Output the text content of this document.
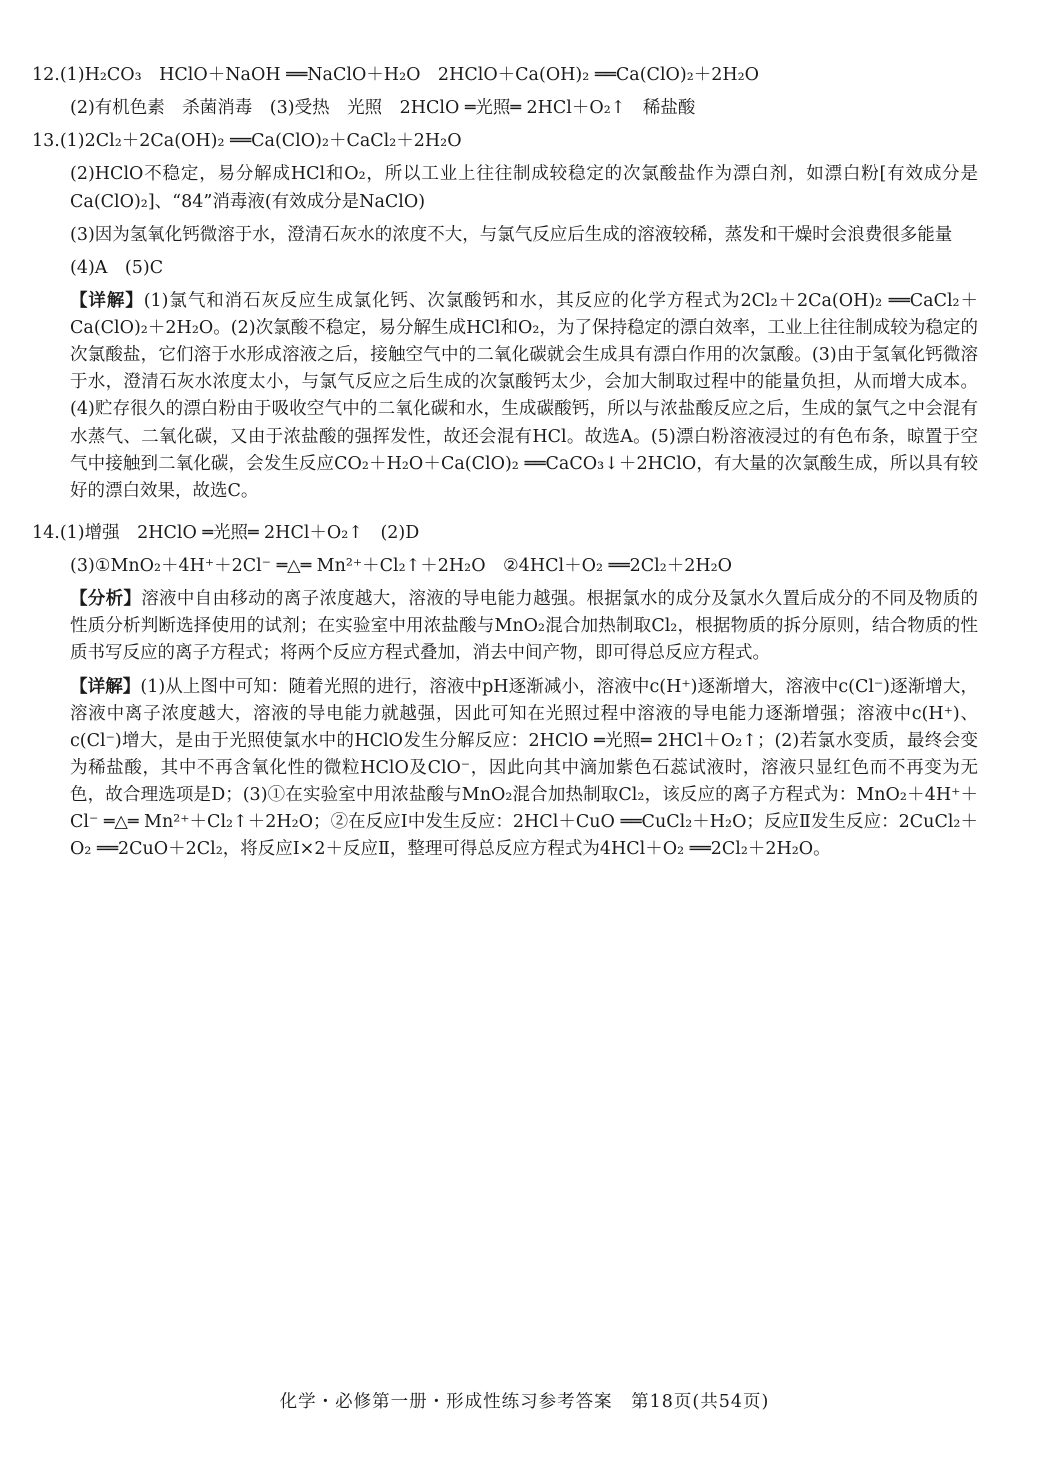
12.(1)H₂CO₃　HClO＋NaOH ══NaClO＋H₂O　2HClO＋Ca(OH)₂ ══Ca(ClO)₂＋2H₂O
(2)有机色素　杀菌消毒　(3)受热　光照　2HClO ═光照═ 2HCl＋O₂↑　稀盐酸
13.(1)2Cl₂＋2Ca(OH)₂ ══Ca(ClO)₂＋CaCl₂＋2H₂O
(2)HClO不稳定，易分解成HCl和O₂，所以工业上往往制成较稳定的次氯酸盐作为漂白剂，如漂白粉[有效成分是Ca(ClO)₂]、“84”消毒液(有效成分是NaClO)
(3)因为氢氧化钙微溶于水，澄清石灰水的浓度不大，与氯气反应后生成的溶液较稀，蒸发和干燥时会浪费很多能量
(4)A　(5)C
【详解】(1)氯气和消石灰反应生成氯化钙、次氯酸钙和水，其反应的化学方程式为2Cl₂＋2Ca(OH)₂ ══CaCl₂＋Ca(ClO)₂＋2H₂O。(2)次氯酸不稳定，易分解生成HCl和O₂，为了保持稳定的漂白效率，工业上往往制成较为稳定的次氯酸盐，它们溶于水形成溶液之后，接触空气中的二氧化碳就会生成具有漂白作用的次氯酸。(3)由于氢氧化钙微溶于水，澄清石灰水浓度太小，与氯气反应之后生成的次氯酸钙太少，会加大制取过程中的能量负担，从而增大成本。(4)贮存很久的漂白粉由于吸收空气中的二氧化碳和水，生成碳酸钙，所以与浓盐酸反应之后，生成的氯气之中会混有水蒸气、二氧化碳，又由于浓盐酸的强挥发性，故还会混有HCl。故选A。(5)漂白粉溶液浸过的有色布条，晾置于空气中接触到二氧化碳，会发生反应CO₂＋H₂O＋Ca(ClO)₂ ══CaCO₃↓＋2HClO，有大量的次氯酸生成，所以具有较好的漂白效果，故选C。
14.(1)增强　2HClO ═光照═ 2HCl＋O₂↑　(2)D
(3)①MnO₂＋4H⁺＋2Cl⁻ ═△═ Mn²⁺＋Cl₂↑＋2H₂O　②4HCl＋O₂ ══2Cl₂＋2H₂O
【分析】溶液中自由移动的离子浓度越大，溶液的导电能力越强。根据氯水的成分及氯水久置后成分的不同及物质的性质分析判断选择使用的试剂；在实验室中用浓盐酸与MnO₂混合加热制取Cl₂，根据物质的拆分原则，结合物质的性质书写反应的离子方程式；将两个反应方程式叠加，消去中间产物，即可得总反应方程式。
【详解】(1)从上图中可知：随着光照的进行，溶液中pH逐渐减小，溶液中c(H⁺)逐渐增大，溶液中c(Cl⁻)逐渐增大，溶液中离子浓度越大，溶液的导电能力就越强，因此可知在光照过程中溶液的导电能力逐渐增强；溶液中c(H⁺)、c(Cl⁻)增大，是由于光照使氯水中的HClO发生分解反应：2HClO ═光照═ 2HCl＋O₂↑；(2)若氯水变质，最终会变为稀盐酸，其中不再含氧化性的微粒HClO及ClO⁻，因此向其中滴加紫色石蕊试液时，溶液只显红色而不再变为无色，故合理选项是D；(3)①在实验室中用浓盐酸与MnO₂混合加热制取Cl₂，该反应的离子方程式为：MnO₂＋4H⁺＋Cl⁻ ═△═ Mn²⁺＋Cl₂↑＋2H₂O；②在反应Ⅰ中发生反应：2HCl＋CuO ══CuCl₂＋H₂O；反应Ⅱ发生反应：2CuCl₂＋O₂ ══2CuO＋2Cl₂，将反应Ⅰ×2＋反应Ⅱ，整理可得总反应方程式为4HCl＋O₂ ══2Cl₂＋2H₂O。
化学・必修第一册・形成性练习参考答案　第18页(共54页)
